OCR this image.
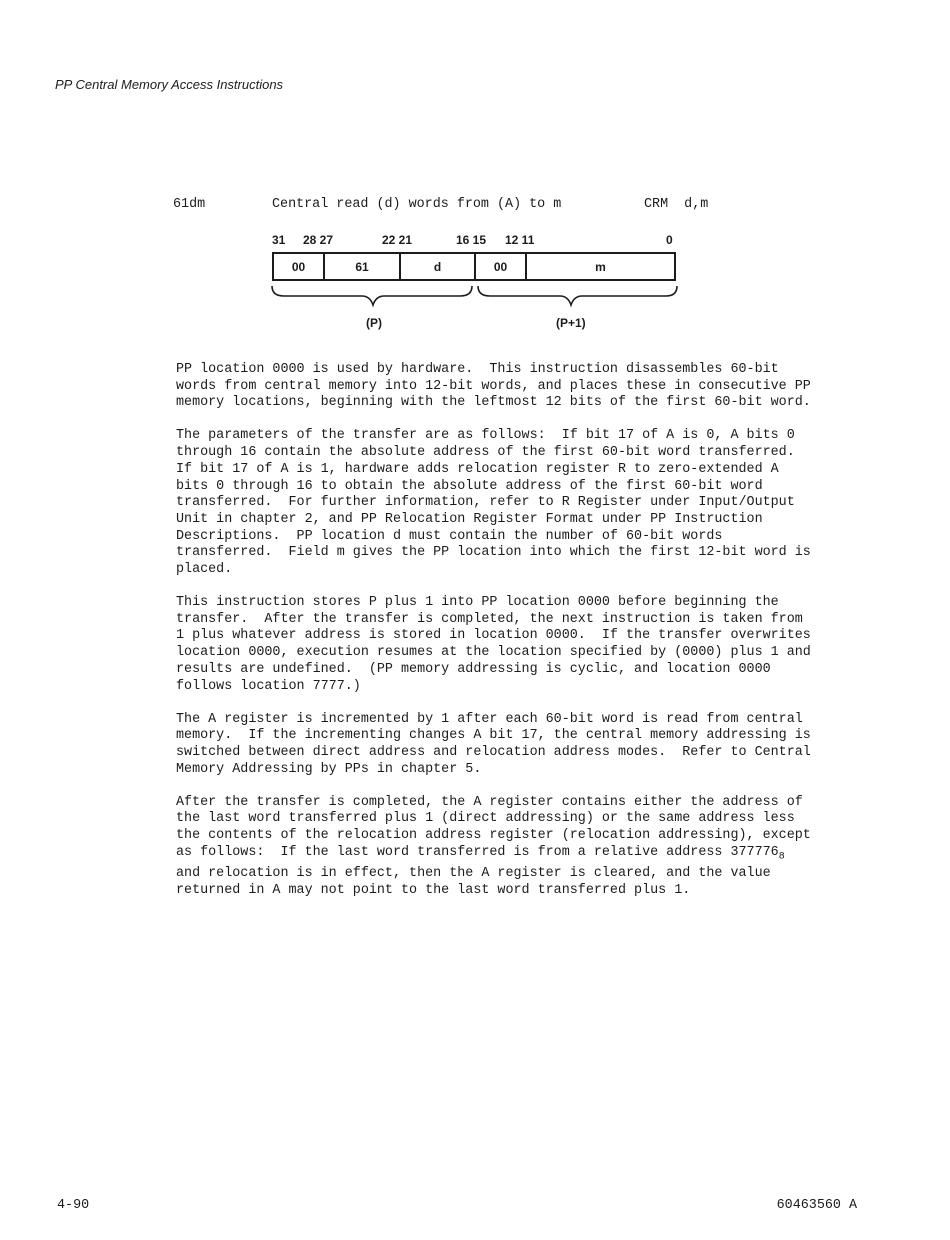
PP Central Memory Access Instructions
61dm	Central read (d) words from (A) to m	CRM  d,m
31 28 27	22 21	16 15 12 11	0
00	61	d	00	m
(P)	(P+1)

PP location 0000 is used by hardware.  This instruction disassembles 60-bit
words from central memory into 12-bit words, and places these in consecutive PP
memory locations, beginning with the leftmost 12 bits of the first 60-bit word.

The parameters of the transfer are as follows:  If bit 17 of A is 0, A bits 0
through 16 contain the absolute address of the first 60-bit word transferred.
If bit 17 of A is 1, hardware adds relocation register R to zero-extended A
bits 0 through 16 to obtain the absolute address of the first 60-bit word
transferred.  For further information, refer to R Register under Input/Output
Unit in chapter 2, and PP Relocation Register Format under PP Instruction
Descriptions.  PP location d must contain the number of 60-bit words
transferred.  Field m gives the PP location into which the first 12-bit word is
placed.

This instruction stores P plus 1 into PP location 0000 before beginning the
transfer.  After the transfer is completed, the next instruction is taken from
1 plus whatever address is stored in location 0000.  If the transfer overwrites
location 0000, execution resumes at the location specified by (0000) plus 1 and
results are undefined.  (PP memory addressing is cyclic, and location 0000
follows location 7777.)

The A register is incremented by 1 after each 60-bit word is read from central
memory.  If the incrementing changes A bit 17, the central memory addressing is
switched between direct address and relocation address modes.  Refer to Central
Memory Addressing by PPs in chapter 5.

After the transfer is completed, the A register contains either the address of
the last word transferred plus 1 (direct addressing) or the same address less
the contents of the relocation address register (relocation addressing), except
as follows:  If the last word transferred is from a relative address $377776_8$
and relocation is in effect, then the A register is cleared, and the value
returned in A may not point to the last word transferred plus 1.

4-90	60463560 A
